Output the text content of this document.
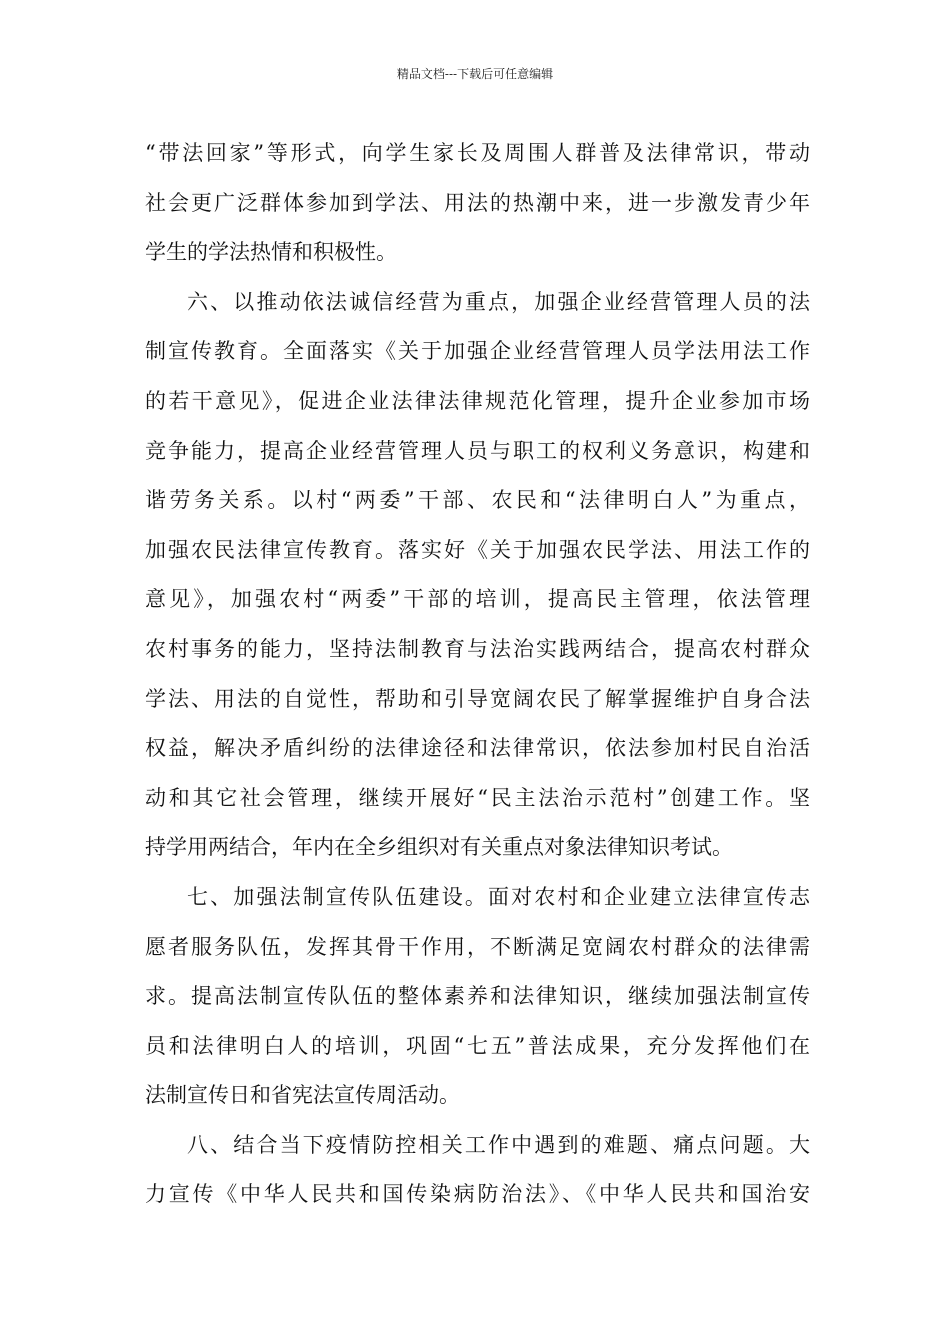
精品文档---下载后可任意编辑
“带法回家”等形式，向学生家长及周围人群普及法律常识，带动
社会更广泛群体参加到学法、用法的热潮中来，进一步激发青少年
学生的学法热情和积极性。
六、以推动依法诚信经营为重点，加强企业经营管理人员的法
制宣传教育。全面落实《关于加强企业经营管理人员学法用法工作
的若干意见》，促进企业法律法律规范化管理，提升企业参加市场
竞争能力，提高企业经营管理人员与职工的权利义务意识，构建和
谐劳务关系。以村“两委”干部、农民和“法律明白人”为重点，
加强农民法律宣传教育。落实好《关于加强农民学法、用法工作的
意见》，加强农村“两委”干部的培训，提高民主管理，依法管理
农村事务的能力，坚持法制教育与法治实践两结合，提高农村群众
学法、用法的自觉性，帮助和引导宽阔农民了解掌握维护自身合法
权益，解决矛盾纠纷的法律途径和法律常识，依法参加村民自治活
动和其它社会管理，继续开展好“民主法治示范村”创建工作。坚
持学用两结合，年内在全乡组织对有关重点对象法律知识考试。
七、加强法制宣传队伍建设。面对农村和企业建立法律宣传志
愿者服务队伍，发挥其骨干作用，不断满足宽阔农村群众的法律需
求。提高法制宣传队伍的整体素养和法律知识，继续加强法制宣传
员和法律明白人的培训，巩固“七五”普法成果，充分发挥他们在
法制宣传日和省宪法宣传周活动。
八、结合当下疫情防控相关工作中遇到的难题、痛点问题。大
力宣传《中华人民共和国传染病防治法》、《中华人民共和国治安
